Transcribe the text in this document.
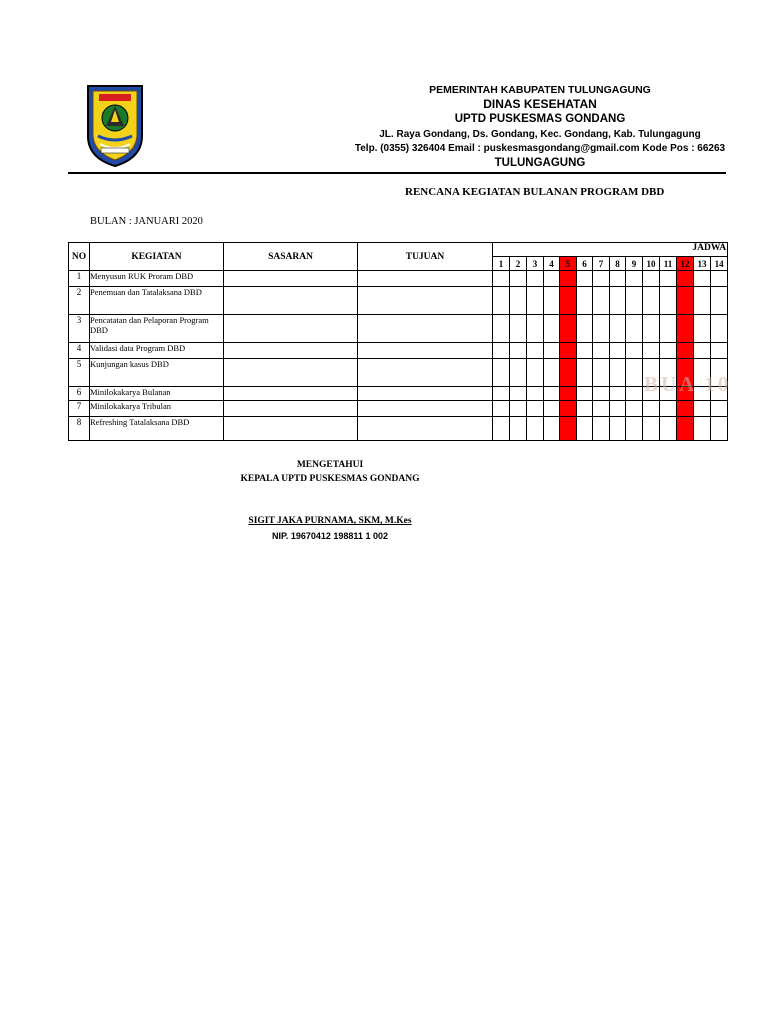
PEMERINTAH KABUPATEN TULUNGAGUNG
DINAS KESEHATAN
UPTD PUSKESMAS GONDANG
JL. Raya Gondang, Ds. Gondang, Kec. Gondang, Kab. Tulungagung
Telp. (0355) 326404 Email : puskesmasgondang@gmail.com Kode Pos : 66263
TULUNGAGUNG
RENCANA KEGIATAN BULANAN PROGRAM DBD
BULAN : JANUARI 2020
NO	KEGIATAN	SASARAN	TUJUAN	JADWA													
				1	2	3	4	5	6	7	8	9	10	11	12	13	14
1	Menyusun RUK Proram DBD																
2	Penemuan dan Tatalaksana DBD																
3	Pencatatan dan Pelaporan Program DBD																
4	Validasi data Program DBD																
5	Kunjungan kasus DBD																
6	Minilokakarya Bulanan																
7	Minilokakarya Tribulan																
8	Refreshing Tatalaksana DBD																
BUA 10
MENGETAHUI
KEPALA UPTD PUSKESMAS GONDANG
SIGIT JAKA PURNAMA, SKM, M.Kes
NIP. 19670412 198811 1 002
